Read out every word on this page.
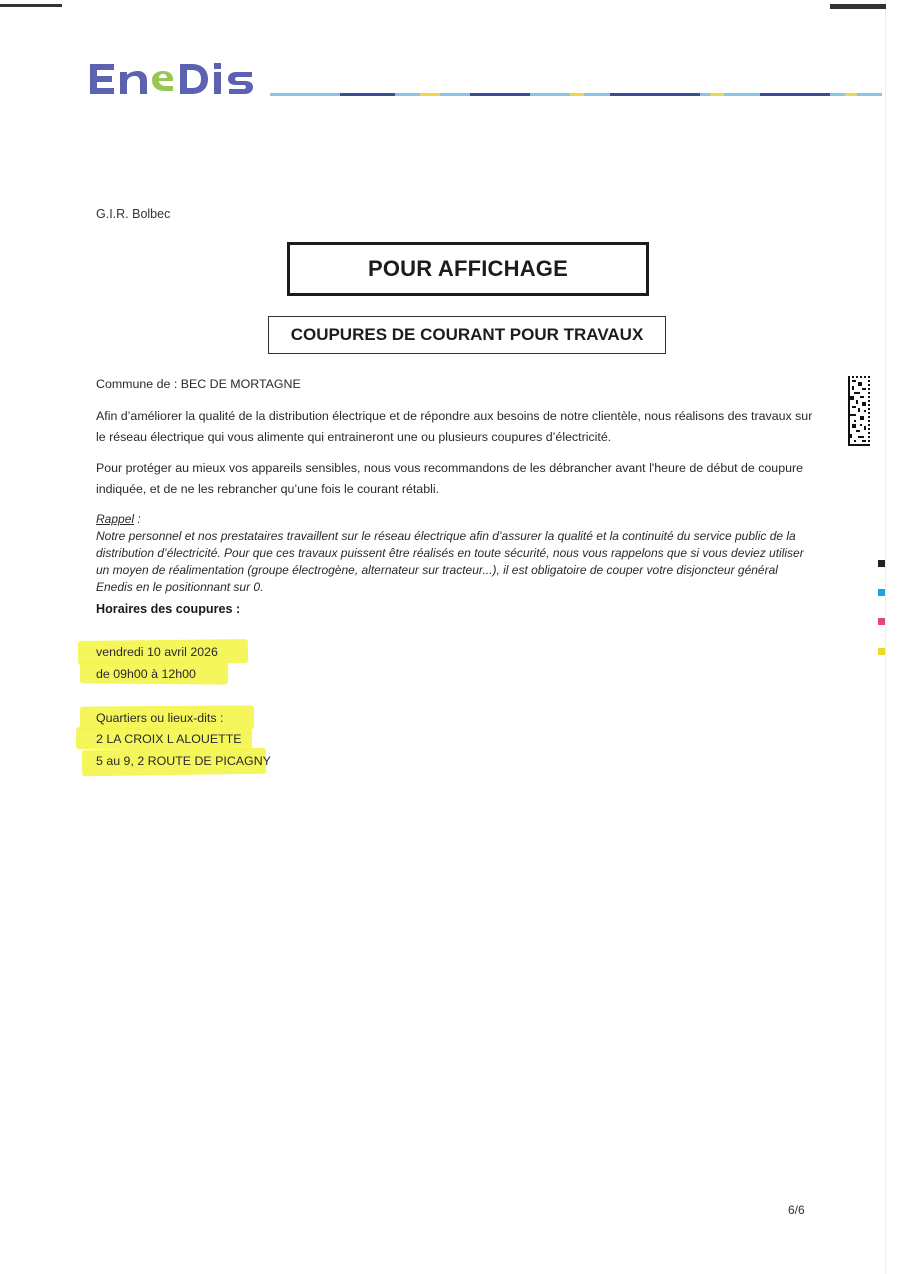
G.I.R. Bolbec
POUR AFFICHAGE
COUPURES DE COURANT POUR TRAVAUX
Commune de : BEC DE MORTAGNE
Afin d’améliorer la qualité de la distribution électrique et de répondre aux besoins de notre clientèle, nous réalisons des travaux sur le réseau électrique qui vous alimente qui entraineront une ou plusieurs coupures d’électricité.
Pour protéger au mieux vos appareils sensibles, nous vous recommandons de les débrancher avant l'heure de début de coupure indiquée, et de ne les rebrancher qu’une fois le courant rétabli.
Rappel :
Notre personnel et nos prestataires travaillent sur le réseau électrique afin d’assurer la qualité et la continuité du service public de la distribution d’électricité. Pour que ces travaux puissent être réalisés en toute sécurité, nous vous rappelons que si vous deviez utiliser un moyen de réalimentation (groupe électrogène, alternateur sur tracteur...), il est obligatoire de couper votre disjoncteur général Enedis en le positionnant sur 0.
Horaires des coupures :
vendredi 10 avril 2026
de 09h00 à 12h00
Quartiers ou lieux-dits :
2 LA CROIX L ALOUETTE
5 au 9, 2 ROUTE DE PICAGNY
6/6
